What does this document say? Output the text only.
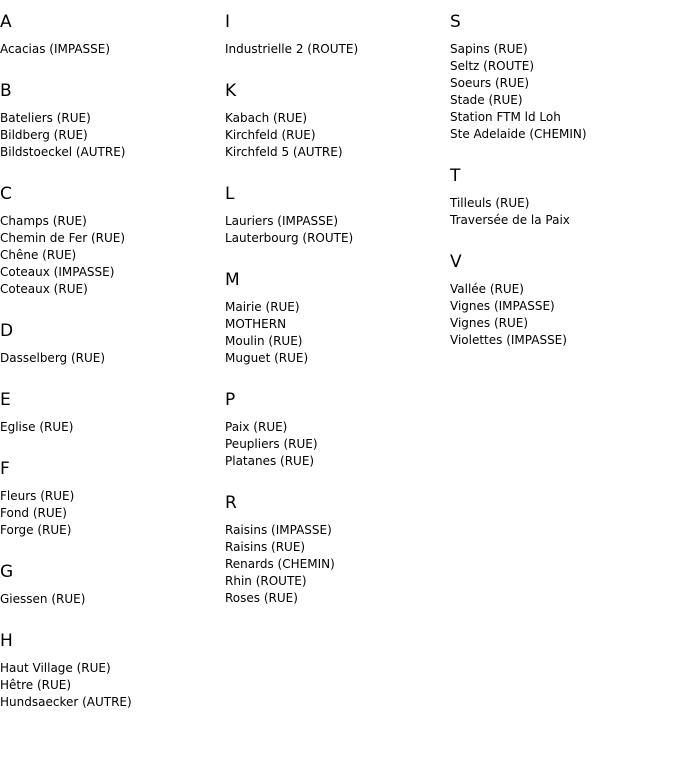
A
Acacias (IMPASSE)
B
Bateliers (RUE)
Bildberg (RUE)
Bildstoeckel (AUTRE)
C
Champs (RUE)
Chemin de Fer (RUE)
Chêne (RUE)
Coteaux (IMPASSE)
Coteaux (RUE)
D
Dasselberg (RUE)
E
Eglise (RUE)
F
Fleurs (RUE)
Fond (RUE)
Forge (RUE)
G
Giessen (RUE)
H
Haut Village (RUE)
Hêtre (RUE)
Hundsaecker (AUTRE)
I
Industrielle 2 (ROUTE)
K
Kabach (RUE)
Kirchfeld (RUE)
Kirchfeld 5 (AUTRE)
L
Lauriers (IMPASSE)
Lauterbourg (ROUTE)
M
Mairie (RUE)
MOTHERN
Moulin (RUE)
Muguet (RUE)
P
Paix (RUE)
Peupliers (RUE)
Platanes (RUE)
R
Raisins (IMPASSE)
Raisins (RUE)
Renards (CHEMIN)
Rhin (ROUTE)
Roses (RUE)
S
Sapins (RUE)
Seltz (ROUTE)
Soeurs (RUE)
Stade (RUE)
Station FTM ld Loh
Ste Adelaide (CHEMIN)
T
Tilleuls (RUE)
Traversée de la Paix
V
Vallée (RUE)
Vignes (IMPASSE)
Vignes (RUE)
Violettes (IMPASSE)
